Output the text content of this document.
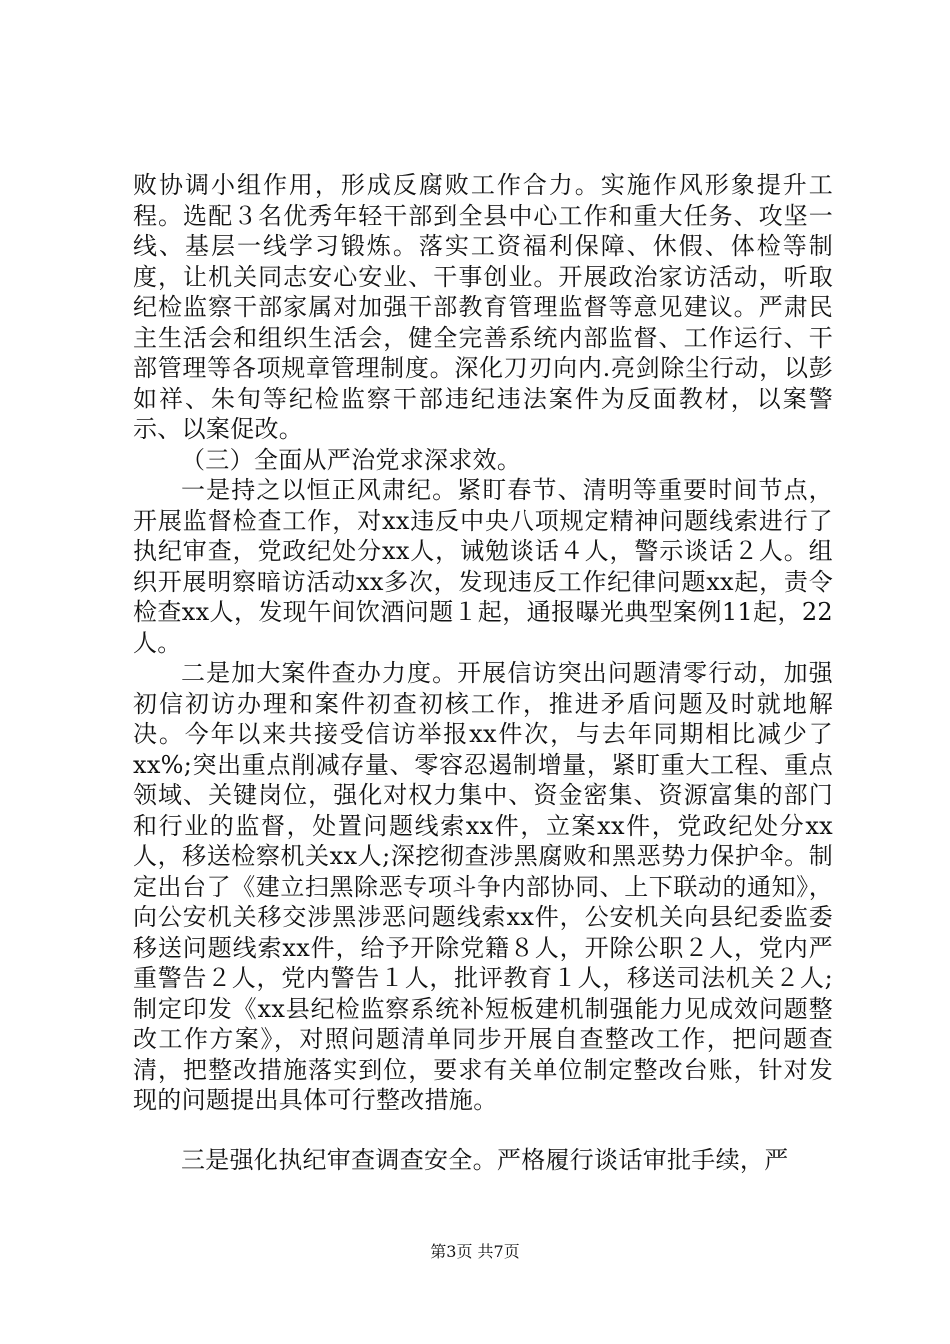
败协调小组作用，形成反腐败工作合力。实施作风形象提升工程。选配３名优秀年轻干部到全县中心工作和重大任务、攻坚一线、基层一线学习锻炼。落实工资福利保障、休假、体检等制度，让机关同志安心安业、干事创业。开展政治家访活动，听取纪检监察干部家属对加强干部教育管理监督等意见建议。严肃民主生活会和组织生活会，健全完善系统内部监督、工作运行、干部管理等各项规章管理制度。深化刀刃向内.亮剑除尘行动，以彭如祥、朱旬等纪检监察干部违纪违法案件为反面教材，以案警示、以案促改。

（三）全面从严治党求深求效。

一是持之以恒正风肃纪。紧盯春节、清明等重要时间节点，开展监督检查工作，对xx违反中央八项规定精神问题线索进行了执纪审查，党政纪处分xx人，诫勉谈话４人，警示谈话２人。组织开展明察暗访活动xx多次，发现违反工作纪律问题xx起，责令检查xx人，发现午间饮酒问题１起，通报曝光典型案例11起，22人。

二是加大案件查办力度。开展信访突出问题清零行动，加强初信初访办理和案件初查初核工作，推进矛盾问题及时就地解决。今年以来共接受信访举报xx件次，与去年同期相比减少了xx%;突出重点削减存量、零容忍遏制增量，紧盯重大工程、重点领域、关键岗位，强化对权力集中、资金密集、资源富集的部门和行业的监督，处置问题线索xx件，立案xx件，党政纪处分xx人，移送检察机关xx人;深挖彻查涉黑腐败和黑恶势力保护伞。制定出台了《建立扫黑除恶专项斗争内部协同、上下联动的通知》，向公安机关移交涉黑涉恶问题线索xx件，公安机关向县纪委监委移送问题线索xx件，给予开除党籍８人，开除公职２人，党内严重警告２人，党内警告１人，批评教育１人，移送司法机关２人;制定印发《xx县纪检监察系统补短板建机制强能力见成效问题整改工作方案》，对照问题清单同步开展自查整改工作，把问题查清，把整改措施落实到位，要求有关单位制定整改台账，针对发现的问题提出具体可行整改措施。

三是强化执纪审查调查安全。严格履行谈话审批手续，严

第3页 共7页
